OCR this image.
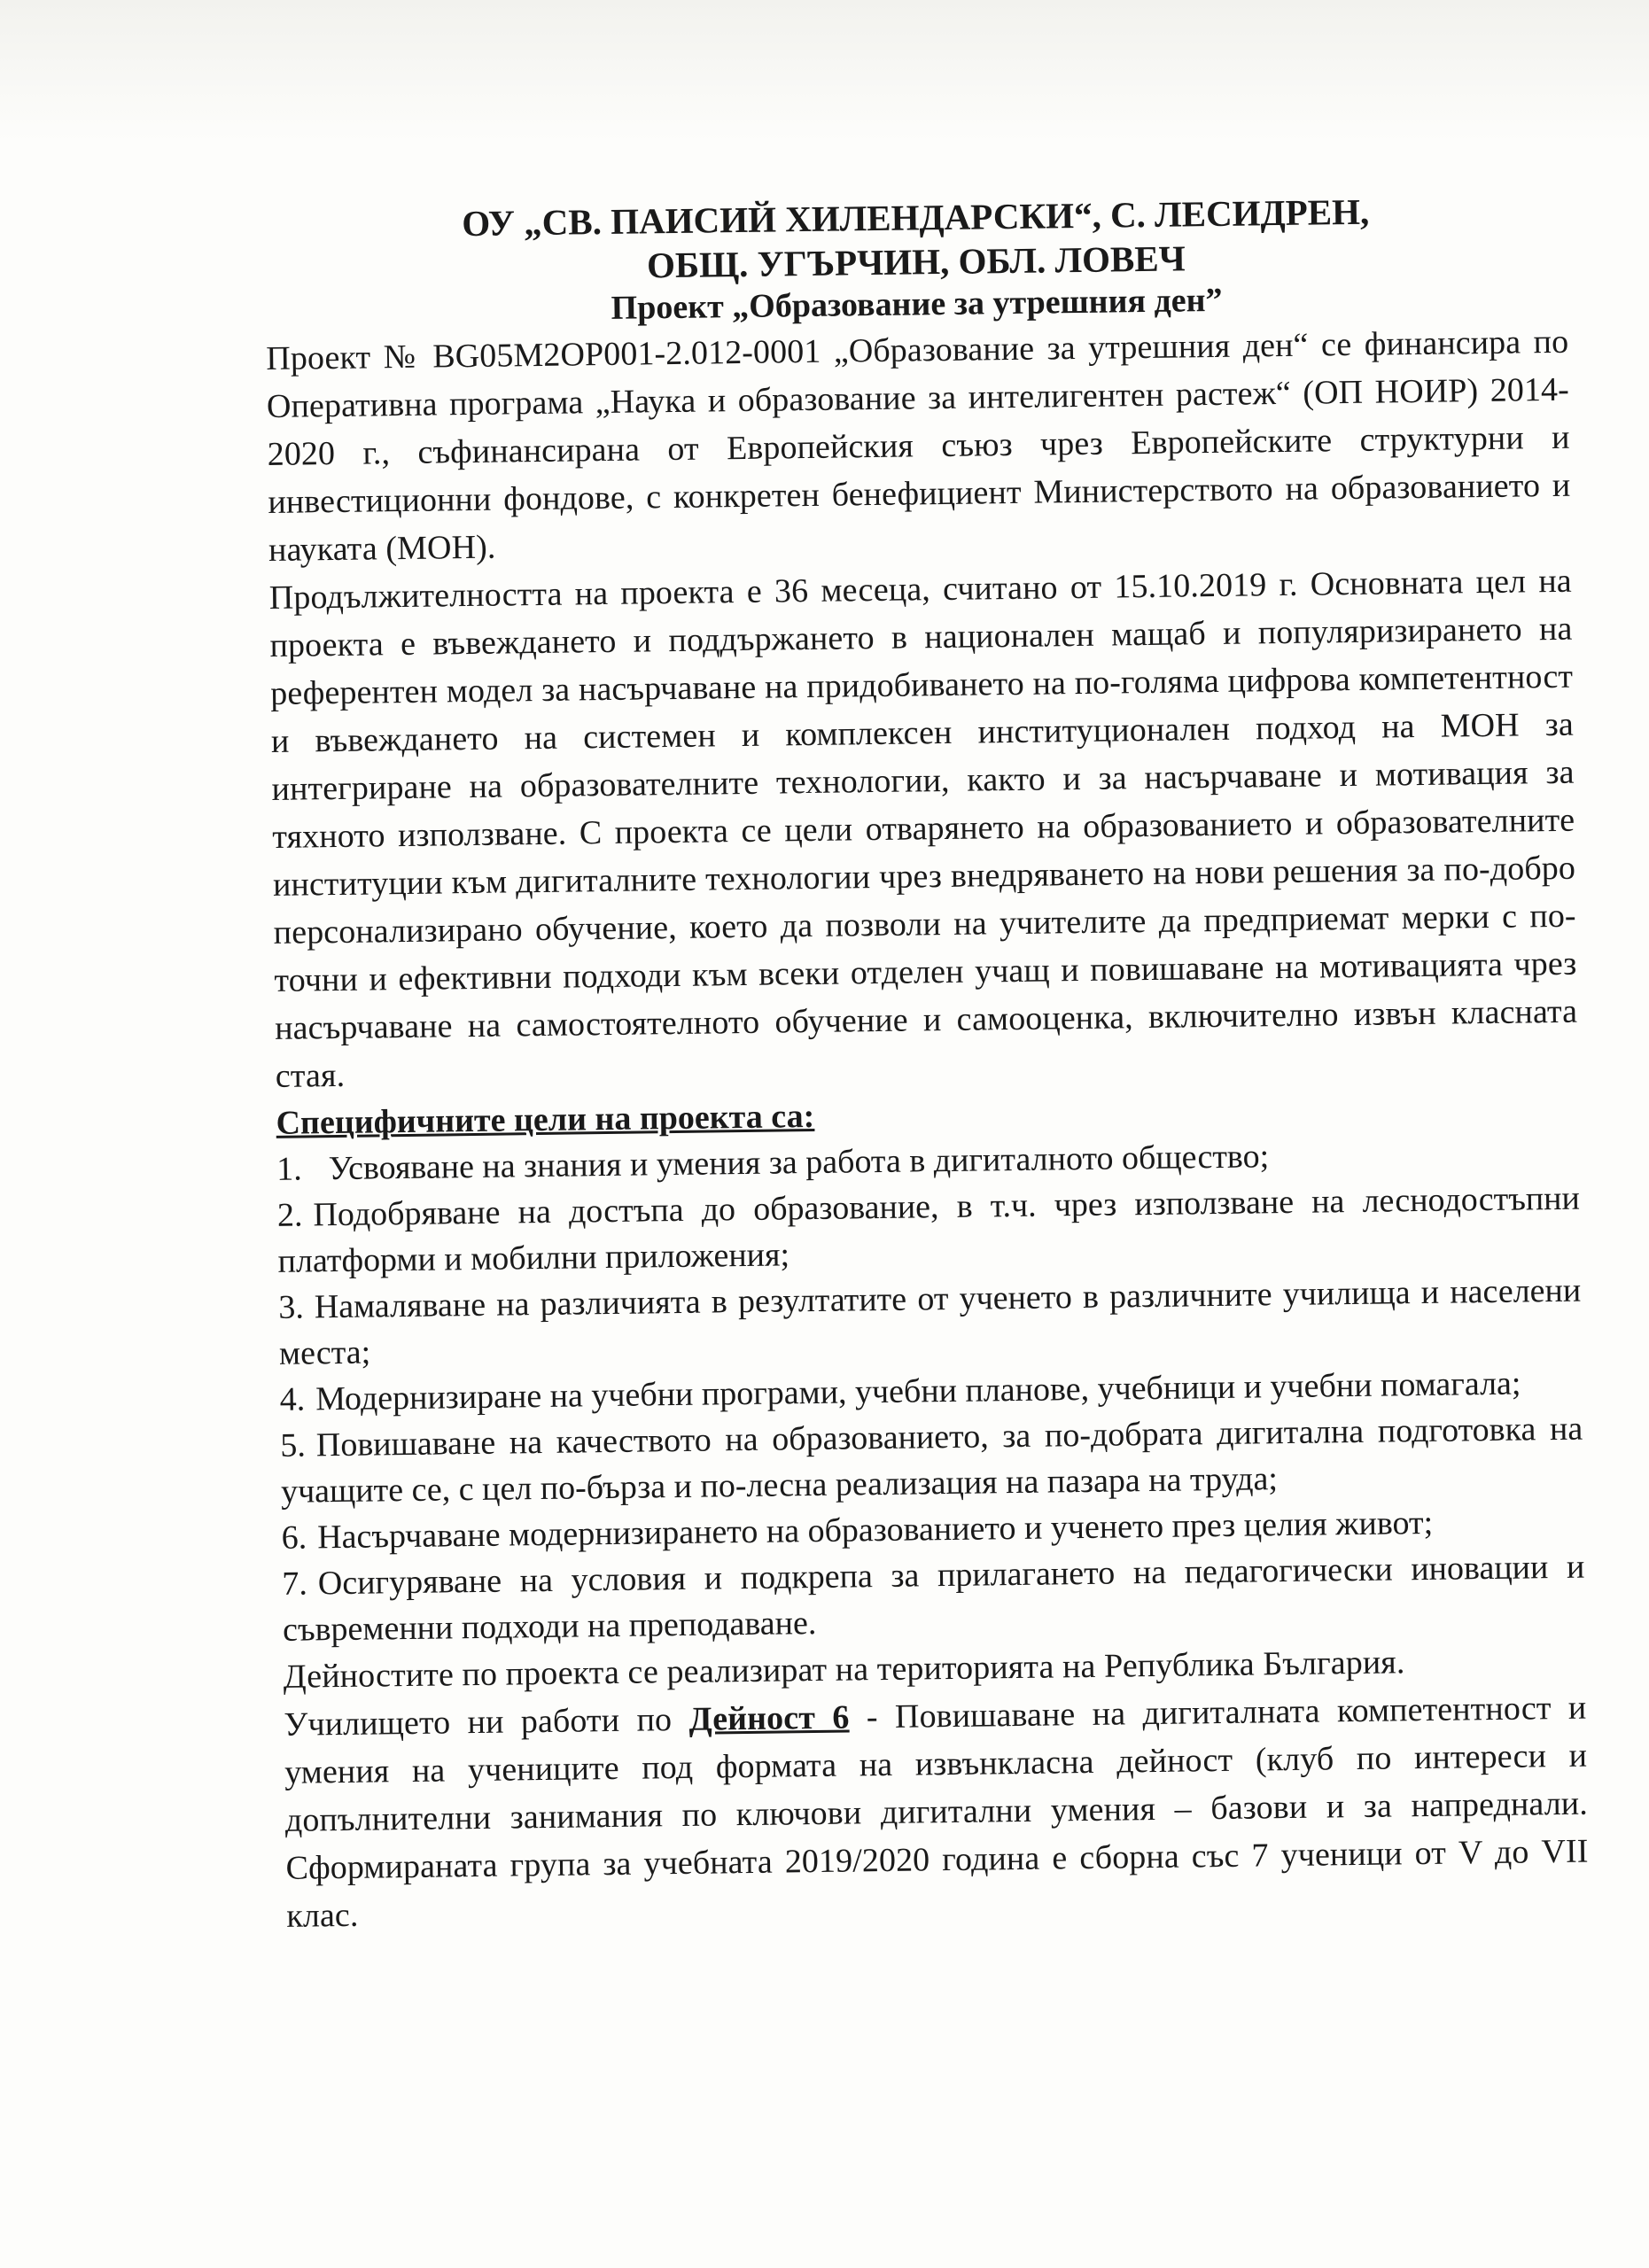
ОУ „СВ. ПАИСИЙ ХИЛЕНДАРСКИ“, С. ЛЕСИДРЕН,
ОБЩ. УГЪРЧИН, ОБЛ. ЛОВЕЧ
Проект „Образование за утрешния ден”

Проект № BG05M2OP001-2.012-0001 „Образование за утрешния ден“ се финансира по Оперативна програма „Наука и образование за интелигентен растеж“ (ОП НОИР) 2014-2020 г., съфинансирана от Европейския съюз чрез Европейските структурни и инвестиционни фондове, с конкретен бенефициент Министерството на образованието и науката (МОН).

Продължителността на проекта е 36 месеца, считано от 15.10.2019 г. Основната цел на проекта е въвеждането и поддържането в национален мащаб и популяризирането на референтен модел за насърчаване на придобиването на по-голяма цифрова компетентност и въвеждането на системен и комплексен институционален подход на МОН за интегриране на образователните технологии, както и за насърчаване и мотивация за тяхното използване. С проекта се цели отварянето на образованието и образователните институции към дигиталните технологии чрез внедряването на нови решения за по-добро персонализирано обучение, което да позволи на учителите да предприемат мерки с по-точни и ефективни подходи към всеки отделен учащ и повишаване на мотивацията чрез насърчаване на самостоятелното обучение и самооценка, включително извън класната стая.

Специфичните цели на проекта са:
1. Усвояване на знания и умения за работа в дигиталното общество;
2. Подобряване на достъпа до образование, в т.ч. чрез използване на леснодостъпни платформи и мобилни приложения;
3. Намаляване на различията в резултатите от ученето в различните училища и населени места;
4. Модернизиране на учебни програми, учебни планове, учебници и учебни помагала;
5. Повишаване на качеството на образованието, за по-добрата дигитална подготовка на учащите се, с цел по-бърза и по-лесна реализация на пазара на труда;
6. Насърчаване модернизирането на образованието и ученето през целия живот;
7. Осигуряване на условия и подкрепа за прилагането на педагогически иновации и съвременни подходи на преподаване.

Дейностите по проекта се реализират на територията на Република България.

Училището ни работи по Дейност 6 - Повишаване на дигиталната компетентност и умения на учениците под формата на извънкласна дейност (клуб по интереси и допълнителни занимания по ключови дигитални умения – базови и за напреднали. Сформираната група за учебната 2019/2020 година е сборна със 7 ученици от V до VII клас.
